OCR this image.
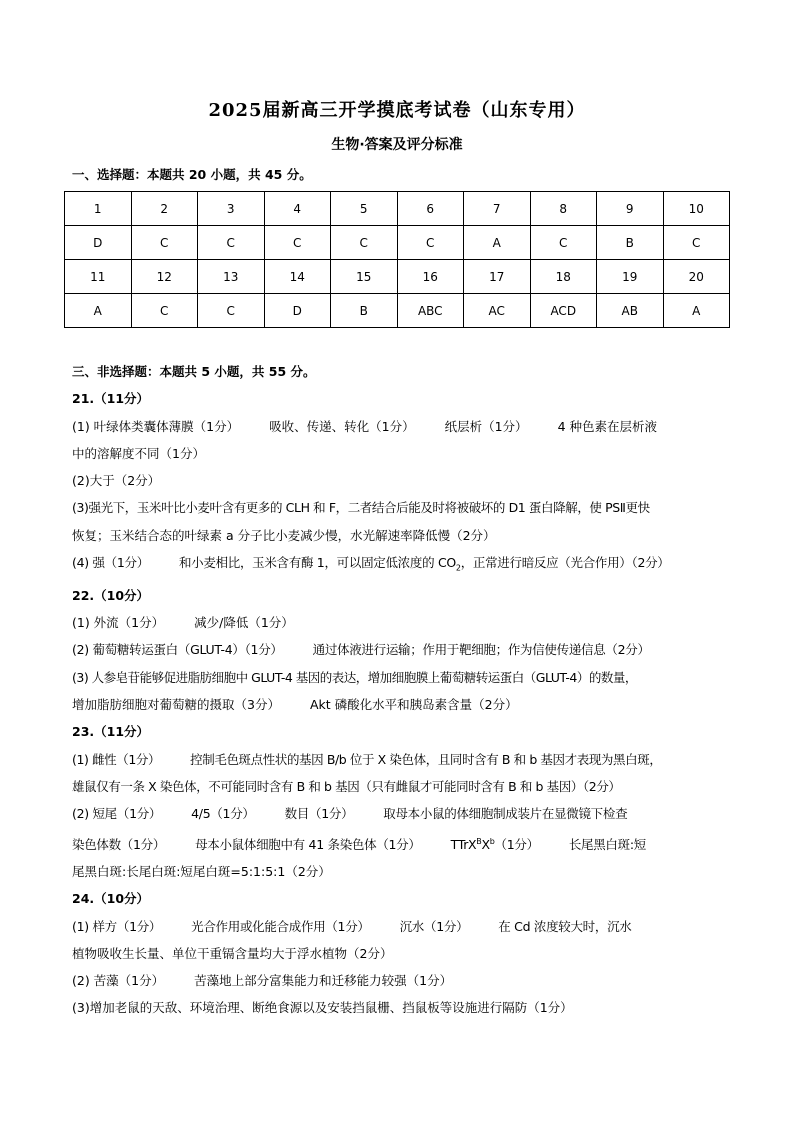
2025届新高三开学摸底考试卷（山东专用）
生物·答案及评分标准
一、选择题：本题共 20 小题，共 45 分。
1	2	3	4	5	6	7	8	9	10
D	C	C	C	C	C	A	C	B	C
11	12	13	14	15	16	17	18	19	20
A	C	C	D	B	ABC	AC	ACD	AB	A
三、非选择题：本题共 5 小题，共 55 分。
21.（11分）
(1) 叶绿体类囊体薄膜（1分） 吸收、传递、转化（1分） 纸层析（1分） 4 种色素在层析液
中的溶解度不同（1分）
(2)大于（2分）
(3)强光下，玉米叶比小麦叶含有更多的 CLH 和 F，二者结合后能及时将被破坏的 D1 蛋白降解，使 PSⅡ更快
恢复；玉米结合态的叶绿素 a 分子比小麦减少慢，水光解速率降低慢（2分）
(4) 强（1分） 和小麦相比，玉米含有酶 1，可以固定低浓度的 $CO_2$，正常进行暗反应（光合作用）（2分）
22.（10分）
(1) 外流（1分） 减少/降低（1分）
(2) 葡萄糖转运蛋白（GLUT-4）（1分） 通过体液进行运输；作用于靶细胞；作为信使传递信息（2分）
(3) 人参皂苷能够促进脂肪细胞中 GLUT-4 基因的表达，增加细胞膜上葡萄糖转运蛋白（GLUT-4）的数量，
增加脂肪细胞对葡萄糖的摄取（3分） Akt 磷酸化水平和胰岛素含量（2分）
23.（11分）
(1) 雌性（1分） 控制毛色斑点性状的基因 B/b 位于 X 染色体，且同时含有 B 和 b 基因才表现为黑白斑，
雄鼠仅有一条 X 染色体，不可能同时含有 B 和 b 基因（只有雌鼠才可能同时含有 B 和 b 基因）（2分）
(2) 短尾（1分） 4/5（1分） 数目（1分） 取母本小鼠的体细胞制成装片在显微镜下检查
染色体数（1分） 母本小鼠体细胞中有 41 条染色体（1分） $TTrX^BX^b(1$分） 长尾黑白斑:短
尾黑白斑:长尾白斑:短尾白斑=5:1:5:1（2分）
24.（10分）
(1) 样方（1分） 光合作用或化能合成作用（1分） 沉水（1分） 在 Cd 浓度较大时，沉水
植物吸收生长量、单位干重镉含量均大于浮水植物（2分）
(2) 苦藻（1分） 苦藻地上部分富集能力和迁移能力较强（1分）
(3)增加老鼠的天敌、环境治理、断绝食源以及安装挡鼠栅、挡鼠板等设施进行隔防（1分）
